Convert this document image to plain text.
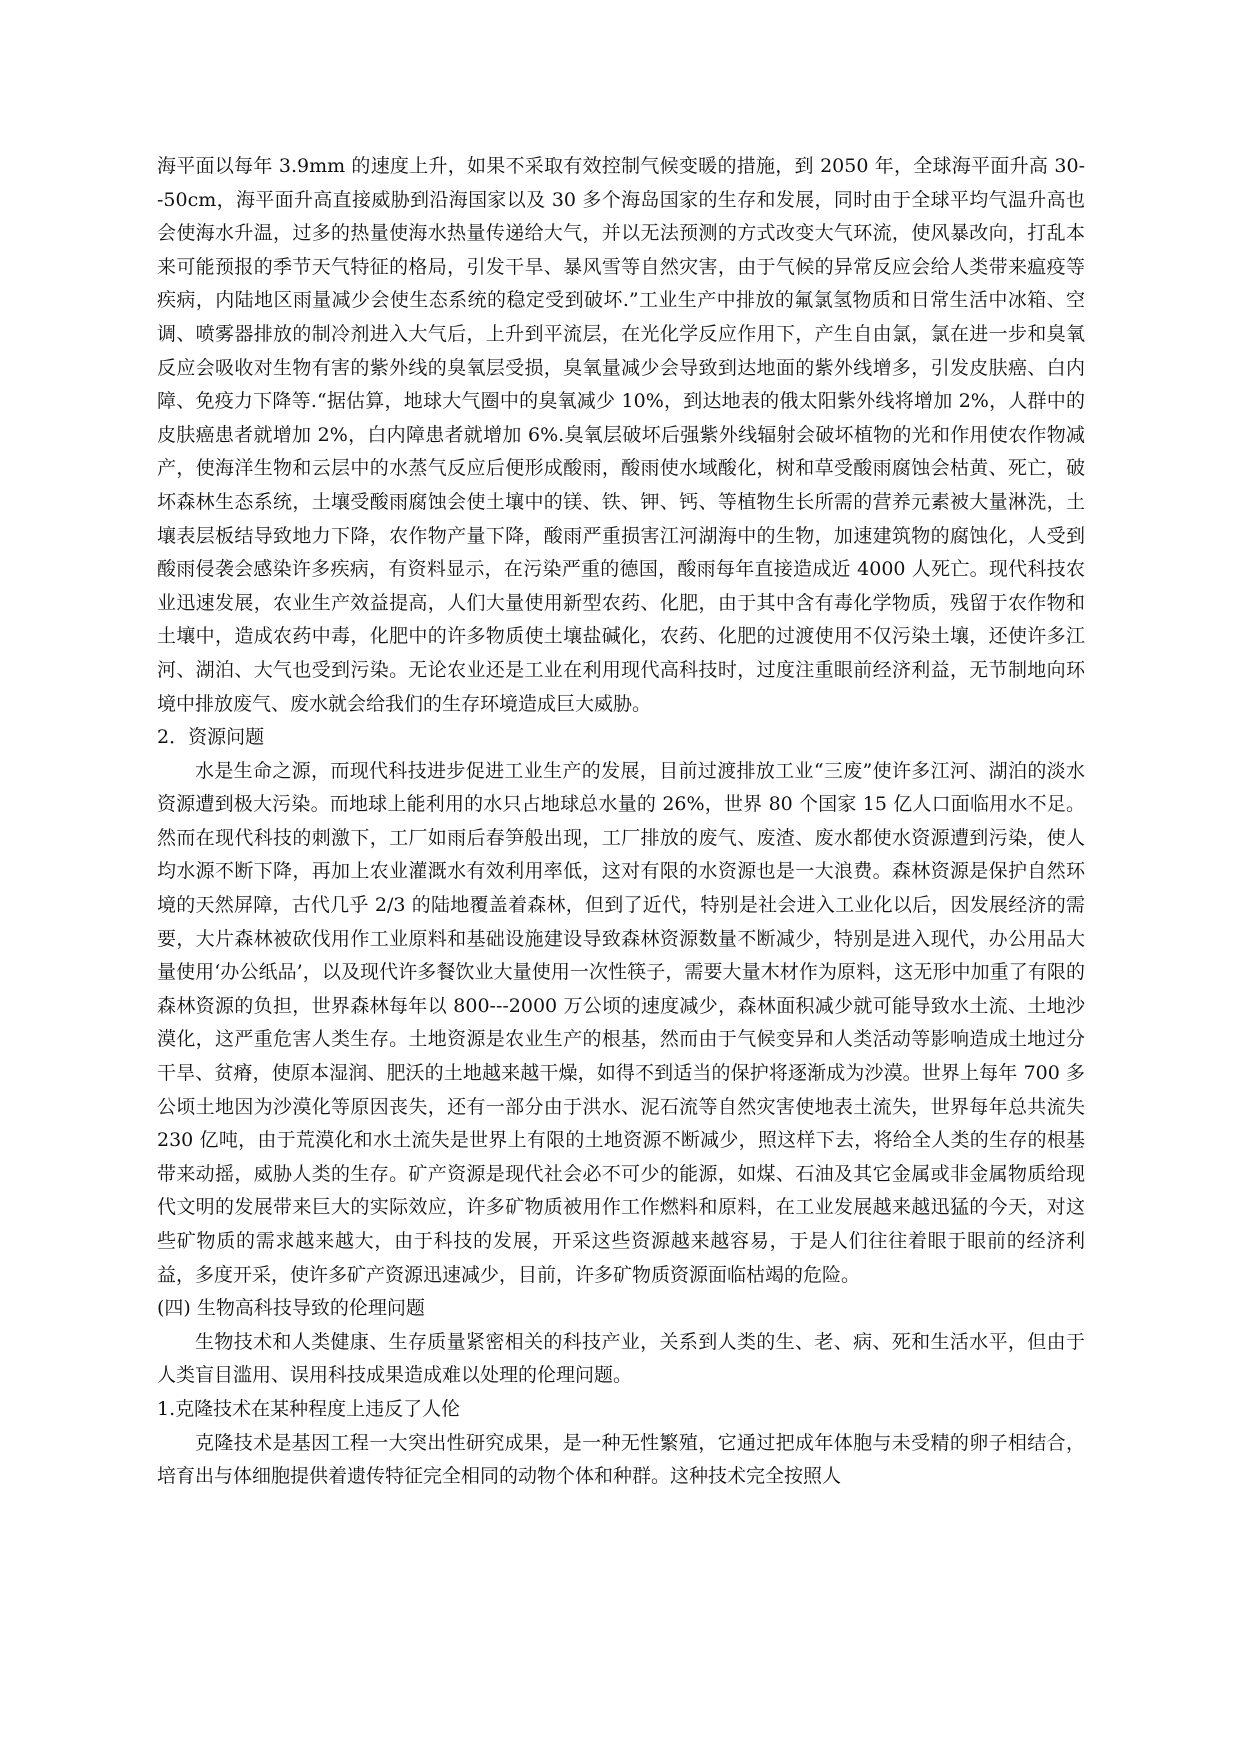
海平面以每年 3.9mm 的速度上升，如果不采取有效控制气候变暖的措施，到 2050 年，全球海平面升高 30--50cm，海平面升高直接威胁到沿海国家以及 30 多个海岛国家的生存和发展，同时由于全球平均气温升高也会使海水升温，过多的热量使海水热量传递给大气，并以无法预测的方式改变大气环流，使风暴改向，打乱本来可能预报的季节天气特征的格局，引发干旱、暴风雪等自然灾害，由于气候的异常反应会给人类带来瘟疫等疾病，内陆地区雨量减少会使生态系统的稳定受到破坏.”工业生产中排放的氟氯氢物质和日常生活中冰箱、空调、喷雾器排放的制冷剂进入大气后，上升到平流层，在光化学反应作用下，产生自由氯，氯在进一步和臭氧反应会吸收对生物有害的紫外线的臭氧层受损，臭氧量减少会导致到达地面的紫外线增多，引发皮肤癌、白内障、免疫力下降等.“据估算，地球大气圈中的臭氧减少 10%，到达地表的俄太阳紫外线将增加 2%，人群中的皮肤癌患者就增加 2%，白内障患者就增加 6%.臭氧层破坏后强紫外线辐射会破坏植物的光和作用使农作物减产，使海洋生物和云层中的水蒸气反应后便形成酸雨，酸雨使水域酸化，树和草受酸雨腐蚀会枯黄、死亡，破坏森林生态系统，土壤受酸雨腐蚀会使土壤中的镁、铁、钾、钙、等植物生长所需的营养元素被大量淋洗，土壤表层板结导致地力下降，农作物产量下降，酸雨严重损害江河湖海中的生物，加速建筑物的腐蚀化，人受到酸雨侵袭会感染许多疾病，有资料显示，在污染严重的德国，酸雨每年直接造成近 4000 人死亡。现代科技农业迅速发展，农业生产效益提高，人们大量使用新型农药、化肥，由于其中含有毒化学物质，残留于农作物和土壤中，造成农药中毒，化肥中的许多物质使土壤盐碱化，农药、化肥的过渡使用不仅污染土壤，还使许多江河、湖泊、大气也受到污染。无论农业还是工业在利用现代高科技时，过度注重眼前经济利益，无节制地向环境中排放废气、废水就会给我们的生存环境造成巨大威胁。

2．资源问题

水是生命之源，而现代科技进步促进工业生产的发展，目前过渡排放工业“三废”使许多江河、湖泊的淡水资源遭到极大污染。而地球上能利用的水只占地球总水量的 26%，世界 80 个国家 15 亿人口面临用水不足。然而在现代科技的刺激下，工厂如雨后春笋般出现，工厂排放的废气、废渣、废水都使水资源遭到污染，使人均水源不断下降，再加上农业灌溉水有效利用率低，这对有限的水资源也是一大浪费。森林资源是保护自然环境的天然屏障，古代几乎 2/3 的陆地覆盖着森林，但到了近代，特别是社会进入工业化以后，因发展经济的需要，大片森林被砍伐用作工业原料和基础设施建设导致森林资源数量不断减少，特别是进入现代，办公用品大量使用‘办公纸品’，以及现代许多餐饮业大量使用一次性筷子，需要大量木材作为原料，这无形中加重了有限的森林资源的负担，世界森林每年以 800---2000 万公顷的速度减少，森林面积减少就可能导致水土流、土地沙漠化，这严重危害人类生存。土地资源是农业生产的根基，然而由于气候变异和人类活动等影响造成土地过分干旱、贫瘠，使原本湿润、肥沃的土地越来越干燥，如得不到适当的保护将逐渐成为沙漠。世界上每年 700 多公顷土地因为沙漠化等原因丧失，还有一部分由于洪水、泥石流等自然灾害使地表土流失，世界每年总共流失 230 亿吨，由于荒漠化和水土流失是世界上有限的土地资源不断减少，照这样下去，将给全人类的生存的根基带来动摇，威胁人类的生存。矿产资源是现代社会必不可少的能源，如煤、石油及其它金属或非金属物质给现代文明的发展带来巨大的实际效应，许多矿物质被用作工作燃料和原料，在工业发展越来越迅猛的今天，对这些矿物质的需求越来越大，由于科技的发展，开采这些资源越来越容易，于是人们往往着眼于眼前的经济利益，多度开采，使许多矿产资源迅速减少，目前，许多矿物质资源面临枯竭的危险。

(四) 生物高科技导致的伦理问题

生物技术和人类健康、生存质量紧密相关的科技产业，关系到人类的生、老、病、死和生活水平，但由于人类盲目滥用、误用科技成果造成难以处理的伦理问题。

1.克隆技术在某种程度上违反了人伦

克隆技术是基因工程一大突出性研究成果，是一种无性繁殖，它通过把成年体胞与未受精的卵子相结合，培育出与体细胞提供着遗传特征完全相同的动物个体和种群。这种技术完全按照人
